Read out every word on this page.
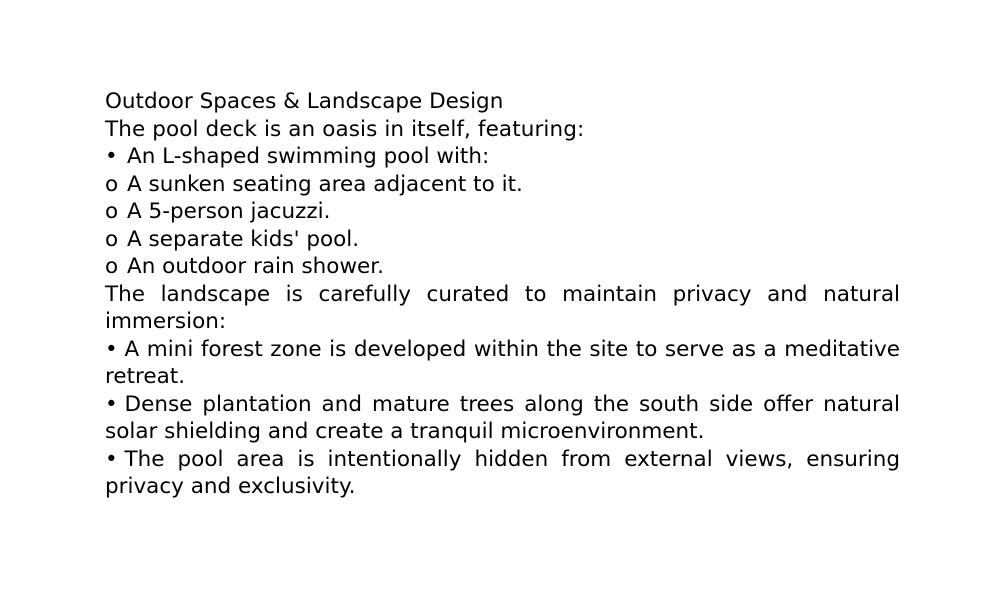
Outdoor Spaces & Landscape Design
The pool deck is an oasis in itself, featuring:
• An L-shaped swimming pool with:
o A sunken seating area adjacent to it.
o A 5-person jacuzzi.
o A separate kids' pool.
o An outdoor rain shower.
The landscape is carefully curated to maintain privacy and natural immersion:
• A mini forest zone is developed within the site to serve as a meditative retreat.
• Dense plantation and mature trees along the south side offer natural solar shielding and create a tranquil microenvironment.
• The pool area is intentionally hidden from external views, ensuring privacy and exclusivity.
